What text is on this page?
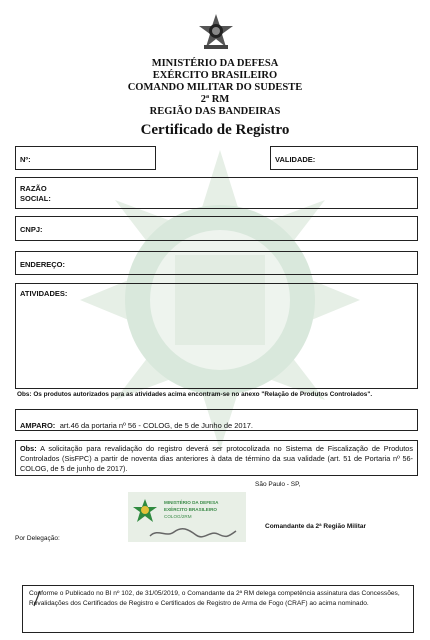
MINISTÉRIO DA DEFESA
EXÉRCITO BRASILEIRO
COMANDO MILITAR DO SUDESTE
2ª RM
REGIÃO DAS BANDEIRAS
Certificado de Registro
Nº:	VALIDADE:
RAZÃO
SOCIAL:
CNPJ:
ENDEREÇO:
ATIVIDADES:
Obs: Os produtos autorizados para as atividades acima encontram-se no anexo "Relação de Produtos Controlados".
AMPARO: art.46 da portaria nº 56 - COLOG, de 5 de Junho de 2017.
Obs: A solicitação para revalidação do registro deverá ser protocolizada no Sistema de Fiscalização de Produtos Controlados (SisFPC) a partir de noventa dias anteriores à data de término da sua validade (art. 51 de Portaria nº 56-COLOG, de 5 de junho de 2017).
São Paulo - SP,
MINISTÉRIO DA DEFESA
EXÉRCITO BRASILEIRO
COLOG/2RM
Comandante da 2ª Região Militar
Por Delegação:
Conforme o Publicado no BI nº 102, de 31/05/2019, o Comandante da 2ª RM delega competência assinatura das Concessões, Revalidações dos Certificados de Registro e Certificados de Registro de Arma de Fogo (CRAF) ao acima nominado.
